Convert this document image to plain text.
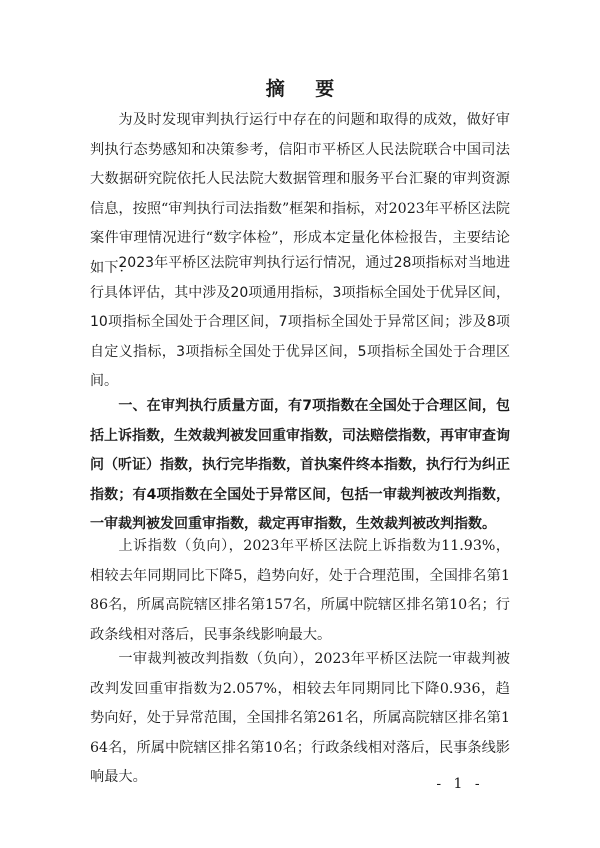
摘 要

为及时发现审判执行运行中存在的问题和取得的成效，做好审判执行态势感知和决策参考，信阳市平桥区人民法院联合中国司法大数据研究院依托人民法院大数据管理和服务平台汇聚的审判资源信息，按照“审判执行司法指数”框架和指标，对2023年平桥区法院案件审理情况进行“数字体检”，形成本定量化体检报告，主要结论如下：

2023年平桥区法院审判执行运行情况，通过28项指标对当地进行具体评估，其中涉及20项通用指标，3项指标全国处于优异区间，10项指标全国处于合理区间，7项指标全国处于异常区间；涉及8项自定义指标，3项指标全国处于优异区间，5项指标全国处于合理区间。

一、在审判执行质量方面，有7项指数在全国处于合理区间，包括上诉指数，生效裁判被发回重审指数，司法赔偿指数，再审审查询问（听证）指数，执行完毕指数，首执案件终本指数，执行行为纠正指数；有4项指数在全国处于异常区间，包括一审裁判被改判指数，一审裁判被发回重审指数，裁定再审指数，生效裁判被改判指数。

上诉指数（负向），2023年平桥区法院上诉指数为11.93%，相较去年同期同比下降5，趋势向好，处于合理范围，全国排名第186名，所属高院辖区排名第157名，所属中院辖区排名第10名；行政条线相对落后，民事条线影响最大。

一审裁判被改判指数（负向），2023年平桥区法院一审裁判被改判发回重审指数为2.057%，相较去年同期同比下降0.936，趋势向好，处于异常范围，全国排名第261名，所属高院辖区排名第164名，所属中院辖区排名第10名；行政条线相对落后，民事条线影响最大。	- 1 -
